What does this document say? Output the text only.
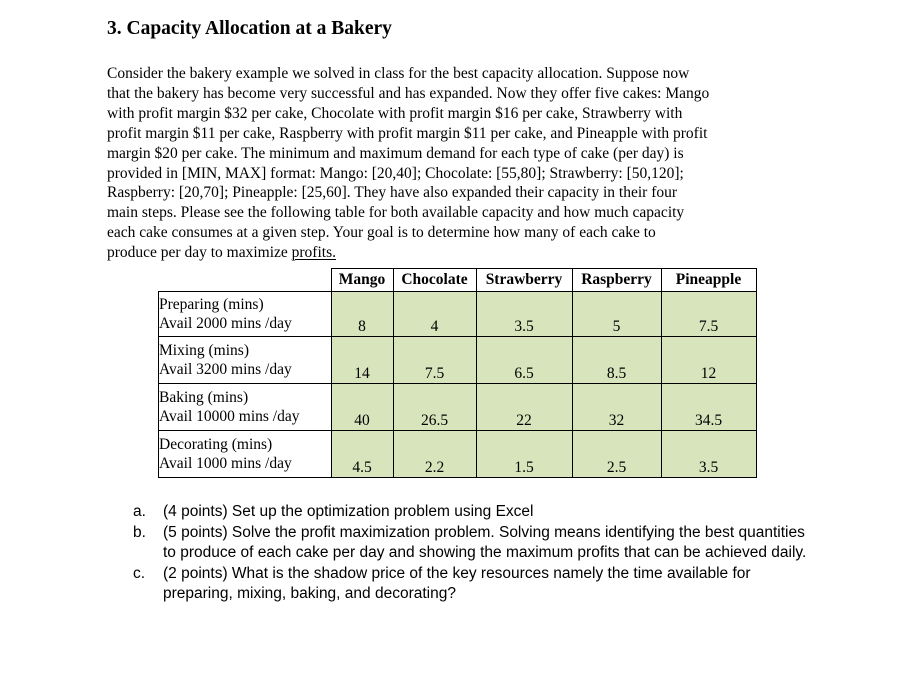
3. Capacity Allocation at a Bakery

Consider the bakery example we solved in class for the best capacity allocation. Suppose now
that the bakery has become very successful and has expanded. Now they offer five cakes: Mango
with profit margin $32 per cake, Chocolate with profit margin $16 per cake, Strawberry with
profit margin $11 per cake, Raspberry with profit margin $11 per cake, and Pineapple with profit
margin $20 per cake. The minimum and maximum demand for each type of cake (per day) is
provided in [MIN, MAX] format: Mango: [20,40]; Chocolate: [55,80]; Strawberry: [50,120];
Raspberry: [20,70]; Pineapple: [25,60]. They have also expanded their capacity in their four
main steps. Please see the following table for both available capacity and how much capacity
each cake consumes at a given step. Your goal is to determine how many of each cake to
produce per day to maximize profits.

	Mango	Chocolate	Strawberry	Raspberry	Pineapple

Preparing (mins)
Avail 2000 mins /day	8	4	3.5	5	7.5

Mixing (mins)
Avail 3200 mins /day	14	7.5	6.5	8.5	12

Baking (mins)
Avail 10000 mins /day	40	26.5	22	32	34.5

Decorating (mins)
Avail 1000 mins /day	4.5	2.2	1.5	2.5	3.5
a. (4 points) Set up the optimization problem using Excel
b. (5 points) Solve the profit maximization problem. Solving means identifying the best quantities to produce of each cake per day and showing the maximum profits that can be achieved daily.
c. (2 points) What is the shadow price of the key resources namely the time available for preparing, mixing, baking, and decorating?
